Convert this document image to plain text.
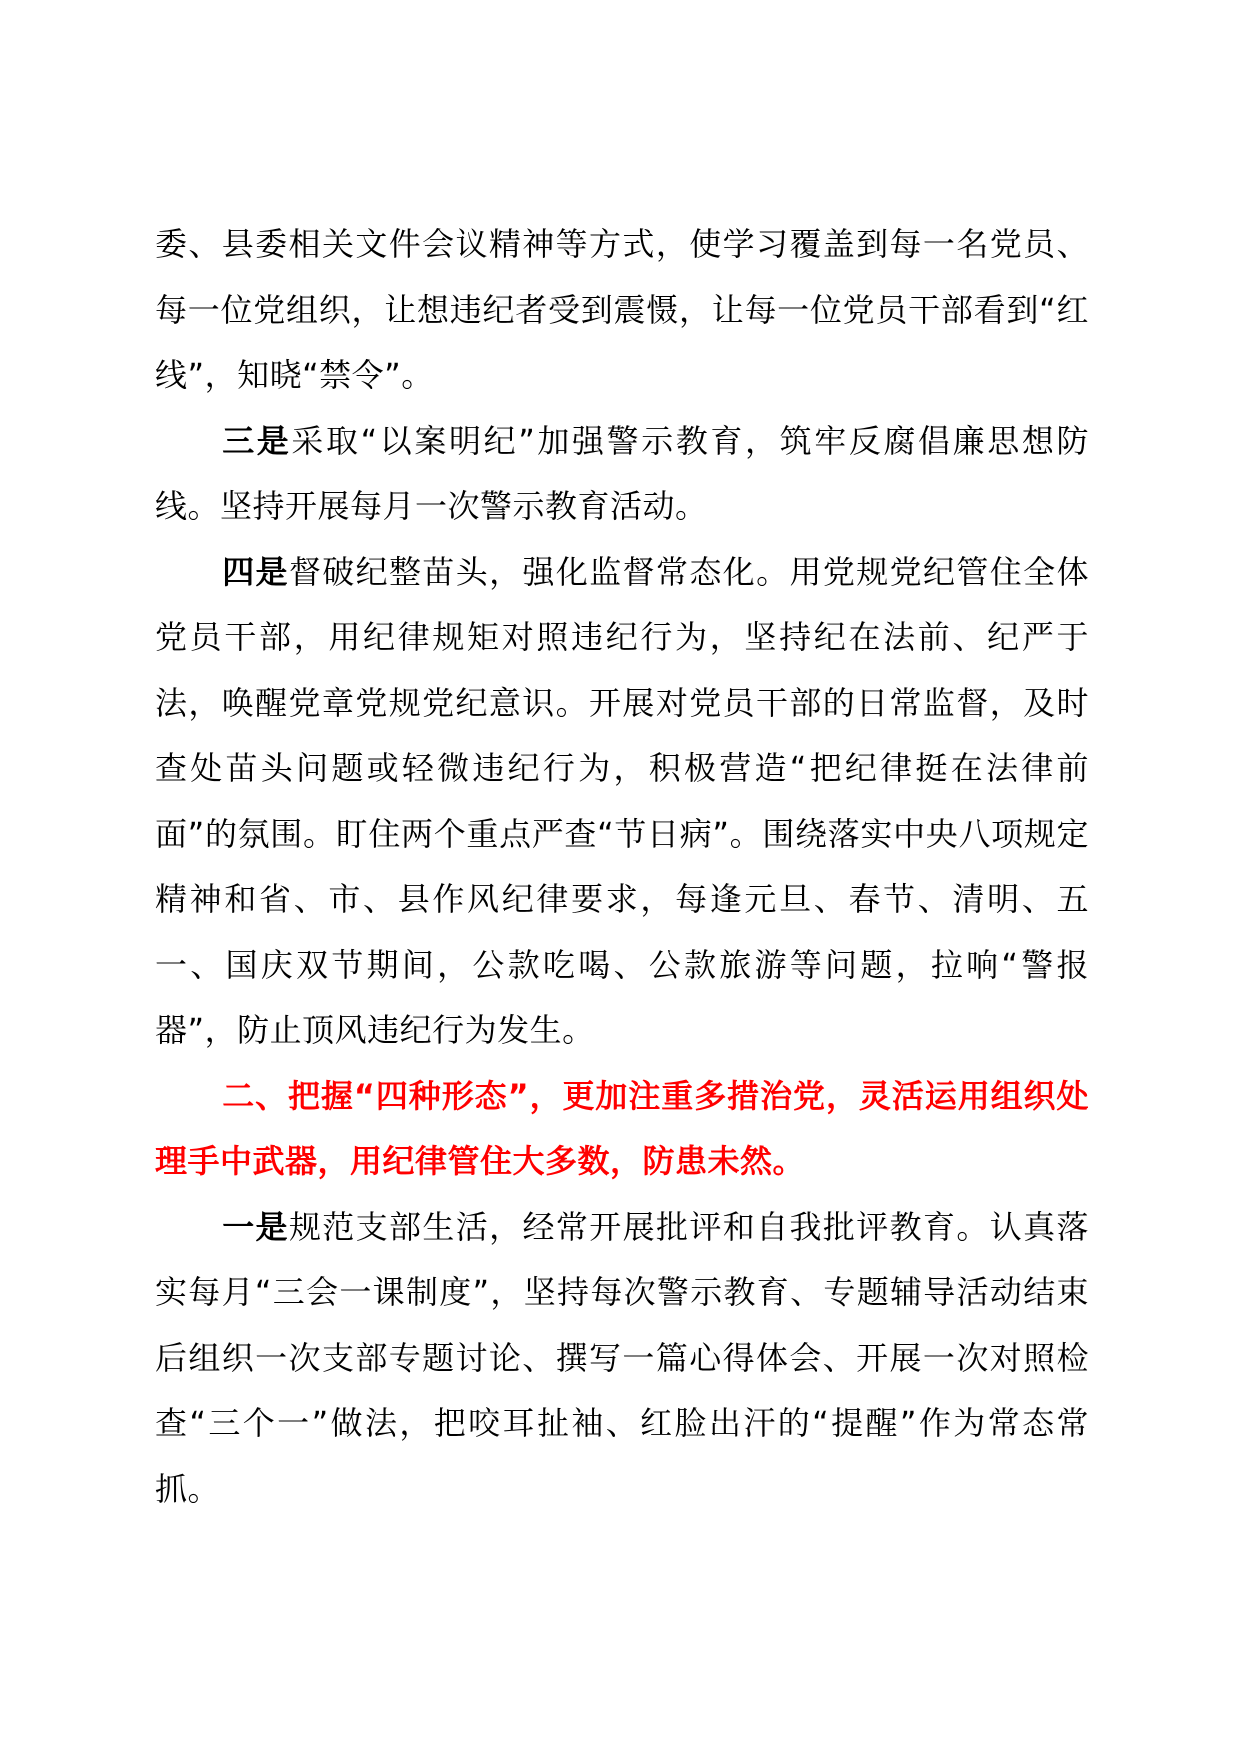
委、县委相关文件会议精神等方式，使学习覆盖到每一名党员、每一位党组织，让想违纪者受到震慑，让每一位党员干部看到“红线”，知晓“禁令”。

三是采取“以案明纪”加强警示教育，筑牢反腐倡廉思想防线。坚持开展每月一次警示教育活动。

四是督破纪整苗头，强化监督常态化。用党规党纪管住全体党员干部，用纪律规矩对照违纪行为，坚持纪在法前、纪严于法，唤醒党章党规党纪意识。开展对党员干部的日常监督，及时查处苗头问题或轻微违纪行为，积极营造“把纪律挺在法律前面”的氛围。盯住两个重点严查“节日病”。围绕落实中央八项规定精神和省、市、县作风纪律要求，每逢元旦、春节、清明、五一、国庆双节期间，公款吃喝、公款旅游等问题，拉响“警报器”，防止顶风违纪行为发生。

二、把握“四种形态”，更加注重多措治党，灵活运用组织处理手中武器，用纪律管住大多数，防患未然。

一是规范支部生活，经常开展批评和自我批评教育。认真落实每月“三会一课制度”，坚持每次警示教育、专题辅导活动结束后组织一次支部专题讨论、撰写一篇心得体会、开展一次对照检查“三个一”做法，把咬耳扯袖、红脸出汗的“提醒”作为常态常抓。
